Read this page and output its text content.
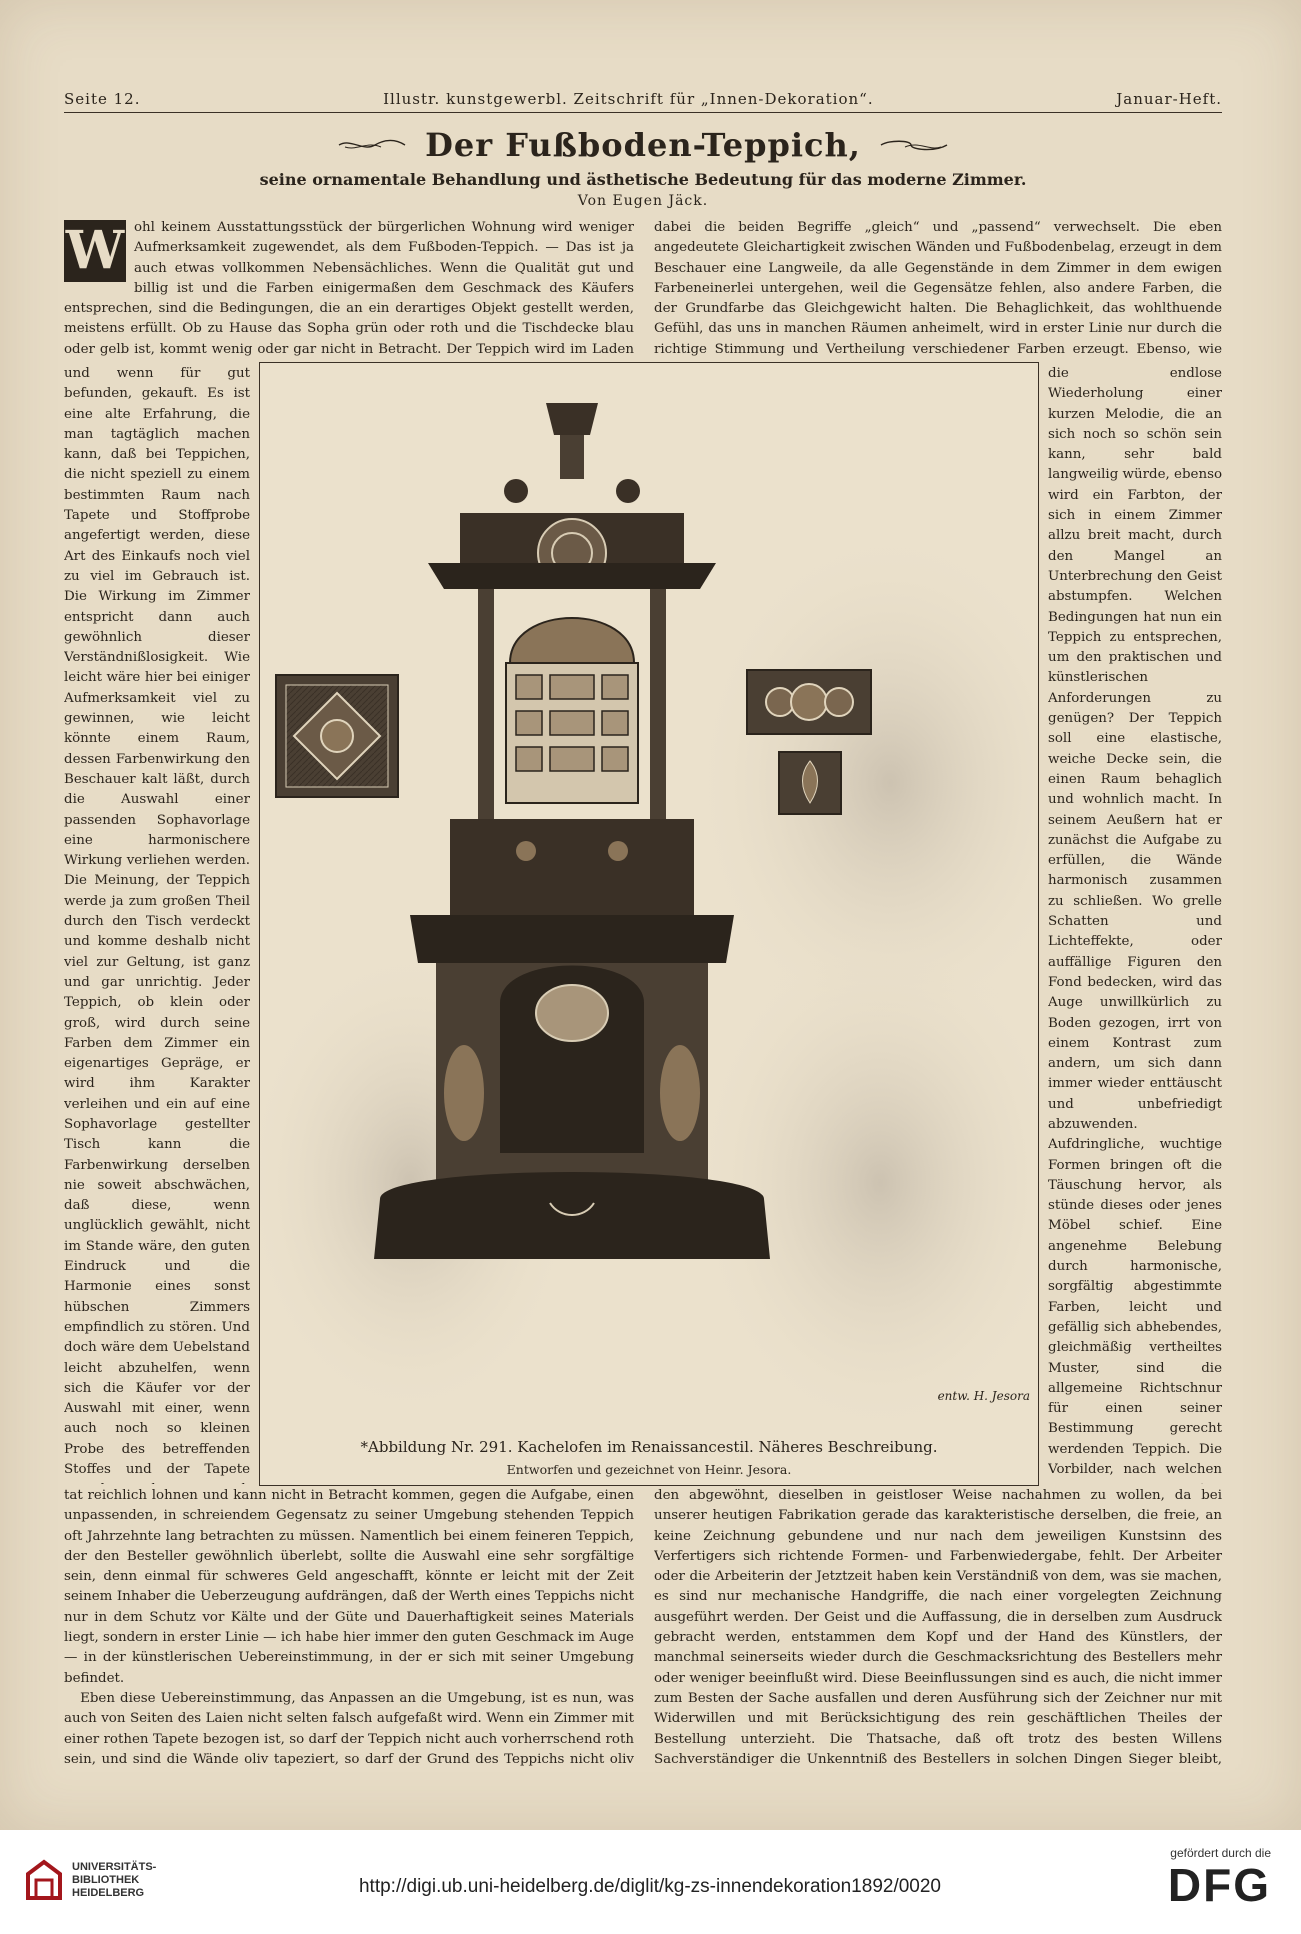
Seite 12.	Illustr. kunstgewerbl. Zeitschrift für „Innen-Dekoration“.	Januar-Heft.
Der Fußboden-Teppich,
seine ornamentale Behandlung und ästhetische Bedeutung für das moderne Zimmer.
Von Eugen Jäck.
W ohl keinem Ausstattungsstück der bürgerlichen Wohnung wird weniger Aufmerksamkeit zugewendet, als dem Fußboden-Teppich. — Das ist ja auch etwas vollkommen Nebensächliches. Wenn die Qualität gut und billig ist und die Farben einigermaßen dem Geschmack des Käufers entsprechen, sind die Bedingungen, die an ein derartiges Objekt gestellt werden, meistens erfüllt. Ob zu Hause das Sopha grün oder roth und die Tischdecke blau oder gelb ist, kommt wenig oder gar nicht in Betracht. Der Teppich wird im Laden

dabei die beiden Begriffe „gleich“ und „passend“ verwechselt. Die eben angedeutete Gleichartigkeit zwischen Wänden und Fußbodenbelag, erzeugt in dem Beschauer eine Langweile, da alle Gegenstände in dem Zimmer in dem ewigen Farbeneinerlei untergehen, weil die Gegensätze fehlen, also andere Farben, die der Grundfarbe das Gleichgewicht halten. Die Behaglichkeit, das wohlthuende Gefühl, das uns in manchen Räumen anheimelt, wird in erster Linie nur durch die richtige Stimmung und Vertheilung verschiedener Farben erzeugt. Ebenso, wie

und wenn für gut befunden, gekauft. Es ist eine alte Erfahrung, die man tagtäglich machen kann, daß bei Teppichen, die nicht speziell zu einem bestimmten Raum nach Tapete und Stoffprobe angefertigt werden, diese Art des Einkaufs noch viel zu viel im Gebrauch ist. Die Wirkung im Zimmer entspricht dann auch gewöhnlich dieser Verständnißlosigkeit. Wie leicht wäre hier bei einiger Aufmerksamkeit viel zu gewinnen, wie leicht könnte einem Raum, dessen Farbenwirkung den Beschauer kalt läßt, durch die Auswahl einer passenden Sophavorlage eine harmonischere Wirkung verliehen werden. Die Meinung, der Teppich werde ja zum großen Theil durch den Tisch verdeckt und komme deshalb nicht viel zur Geltung, ist ganz und gar unrichtig. Jeder Teppich, ob klein oder groß, wird durch seine Farben dem Zimmer ein eigenartiges Gepräge, er wird ihm Karakter verleihen und ein auf eine Sophavorlage gestellter Tisch kann die Farbenwirkung derselben nie soweit abschwächen, daß diese, wenn unglücklich gewählt, nicht im Stande wäre, den guten Eindruck und die Harmonie eines sonst hübschen Zimmers empfindlich zu stören. Und doch wäre dem Uebelstand leicht abzuhelfen, wenn sich die Käufer vor der Auswahl mit einer, wenn auch noch so kleinen Probe des betreffenden Stoffes und der Tapete

die endlose Wiederholung einer kurzen Melodie, die an sich noch so schön sein kann, sehr bald langweilig würde, ebenso wird ein Farbton, der sich in einem Zimmer allzu breit macht, durch den Mangel an Unterbrechung den Geist abstumpfen. Welchen Bedingungen hat nun ein Teppich zu entsprechen, um den praktischen und künstlerischen Anforderungen zu genügen? Der Teppich soll eine elastische, weiche Decke sein, die einen Raum behaglich und wohnlich macht. In seinem Aeußern hat er zunächst die Aufgabe zu erfüllen, die Wände harmonisch zusammen zu schließen. Wo grelle Schatten und Lichteffekte, oder auffällige Figuren den Fond bedecken, wird das Auge unwillkürlich zu Boden gezogen, irrt von einem Kontrast zum andern, um sich dann immer wieder enttäuscht und unbefriedigt abzuwenden. Aufdringliche, wuchtige Formen bringen oft die Täuschung hervor, als stünde dieses oder jenes Möbel schief. Eine angenehme Belebung durch harmonische, sorgfältig abgestimmte Farben, leicht und gefällig sich abhebendes, gleichmäßig vertheiltes Muster, sind die allgemeine Richtschnur für einen seiner Bestimmung gerecht werdenden Teppich. Die Vorbilder, nach welchen

entw. H. Jesora
*Abbildung Nr. 291. Kachelofen im Renaissancestil. Näheres Beschreibung.
Entworfen und gezeichnet von Heinr. Jesora.

tat reichlich lohnen und kann nicht in Betracht kommen, gegen die Aufgabe, einen unpassenden, in schreiendem Gegensatz zu seiner Umgebung stehenden Teppich oft Jahrzehnte lang betrachten zu müssen. Namentlich bei einem feineren Teppich, der den Besteller gewöhnlich überlebt, sollte die Auswahl eine sehr sorgfältige sein, denn einmal für schweres Geld angeschafft, könnte er leicht mit der Zeit seinem Inhaber die Ueberzeugung aufdrängen, daß der Werth eines Teppichs nicht nur in dem Schutz vor Kälte und der Güte und Dauerhaftigkeit seines Materials liegt, sondern in erster Linie — ich habe hier immer den guten Geschmack im Auge — in der künstlerischen Uebereinstimmung, in der er sich mit seiner Umgebung befindet.

Eben diese Uebereinstimmung, das Anpassen an die Umgebung, ist es nun, was auch von Seiten des Laien nicht selten falsch aufgefaßt wird. Wenn ein Zimmer mit einer rothen Tapete bezogen ist, so darf der Teppich nicht auch vorherrschend roth sein, und sind die Wände oliv tapeziert, so darf der Grund des Teppichs nicht oliv

den abgewöhnt, dieselben in geistloser Weise nachahmen zu wollen, da bei unserer heutigen Fabrikation gerade das karakteristische derselben, die freie, an keine Zeichnung gebundene und nur nach dem jeweiligen Kunstsinn des Verfertigers sich richtende Formen- und Farbenwiedergabe, fehlt. Der Arbeiter oder die Arbeiterin der Jetztzeit haben kein Verständniß von dem, was sie machen, es sind nur mechanische Handgriffe, die nach einer vorgelegten Zeichnung ausgeführt werden. Der Geist und die Auffassung, die in derselben zum Ausdruck gebracht werden, entstammen dem Kopf und der Hand des Künstlers, der manchmal seinerseits wieder durch die Geschmacksrichtung des Bestellers mehr oder weniger beeinflußt wird. Diese Beeinflussungen sind es auch, die nicht immer zum Besten der Sache ausfallen und deren Ausführung sich der Zeichner nur mit Widerwillen und mit Berücksichtigung des rein geschäftlichen Theiles der Bestellung unterzieht. Die Thatsache, daß oft trotz des besten Willens Sachverständiger die Unkenntniß des Bestellers in solchen Dingen Sieger bleibt,

UNIVERSITÄTS-
BIBLIOTHEK
HEIDELBERG	http://digi.ub.uni-heidelberg.de/diglit/kg-zs-innendekoration1892/0020
gefördert durch die
DFG
